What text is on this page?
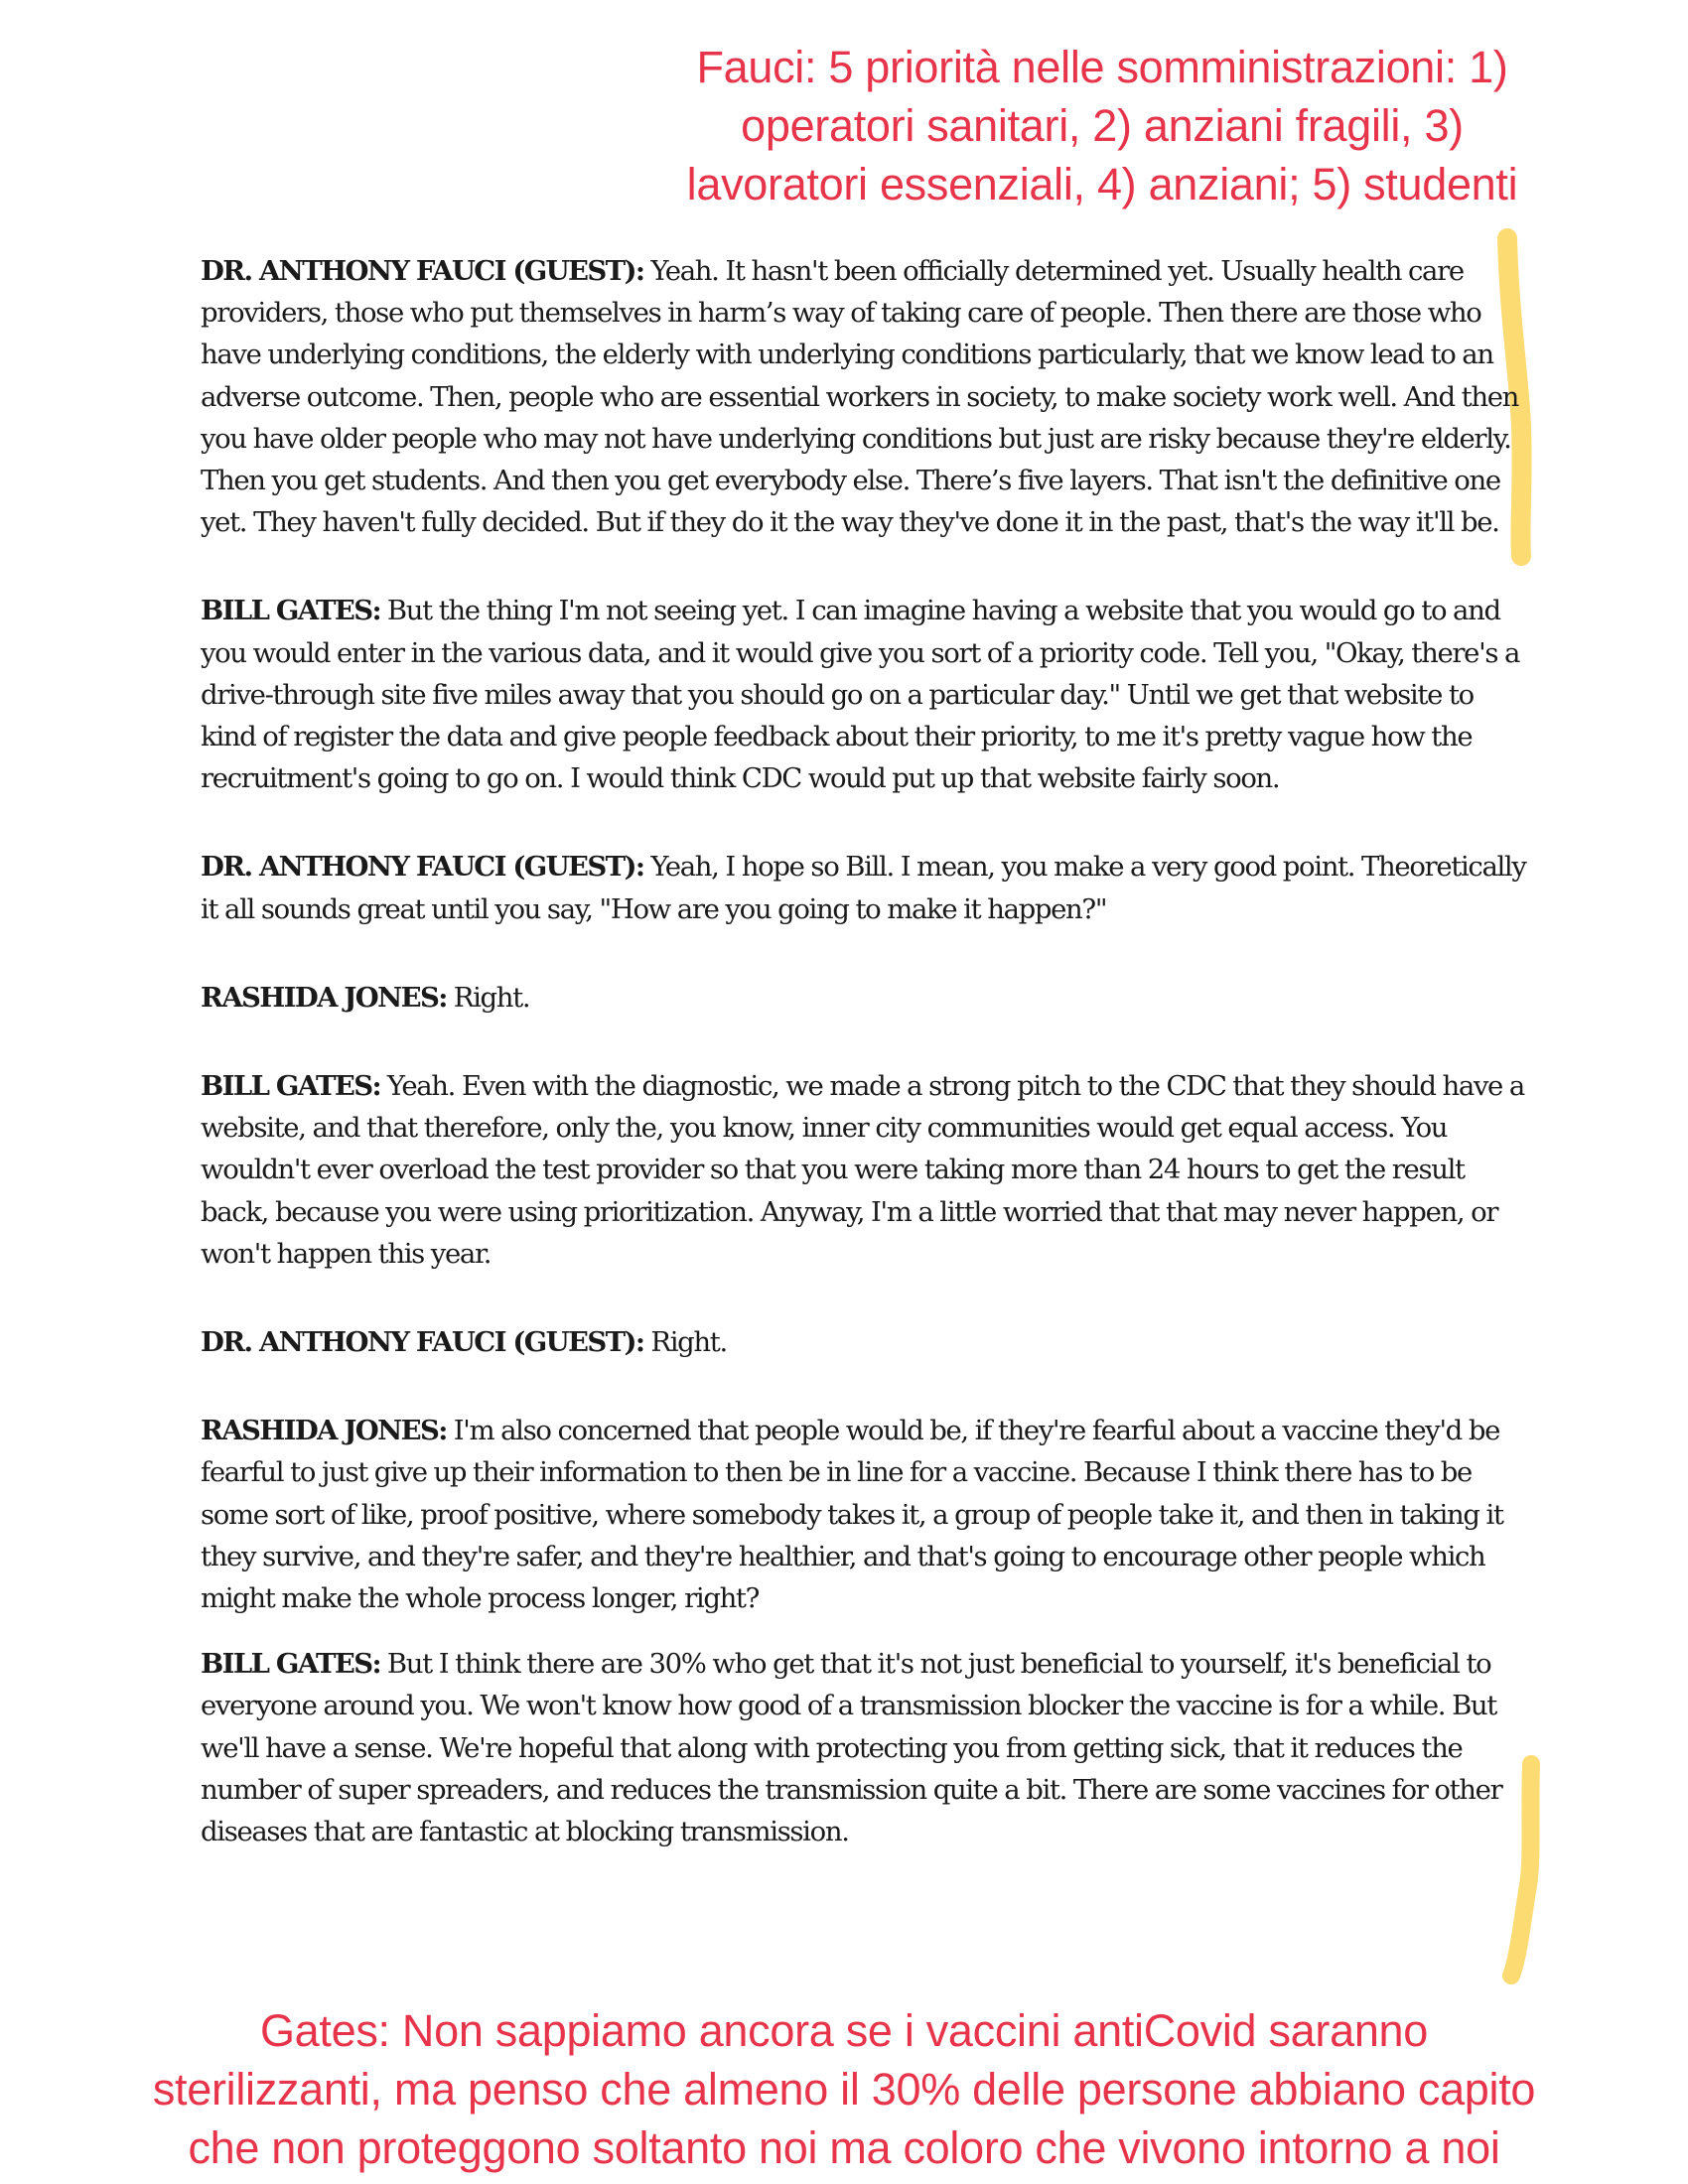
Fauci: 5 priorità nelle somministrazioni: 1)
operatori sanitari, 2) anziani fragili, 3)
lavoratori essenziali, 4) anziani; 5) studenti

DR. ANTHONY FAUCI (GUEST): Yeah. It hasn't been officially determined yet. Usually health care providers, those who put themselves in harm’s way of taking care of people. Then there are those who have underlying conditions, the elderly with underlying conditions particularly, that we know lead to an adverse outcome. Then, people who are essential workers in society, to make society work well. And then you have older people who may not have underlying conditions but just are risky because they're elderly. Then you get students. And then you get everybody else. There’s five layers. That isn't the definitive one yet. They haven't fully decided. But if they do it the way they've done it in the past, that's the way it'll be.

BILL GATES: But the thing I'm not seeing yet. I can imagine having a website that you would go to and you would enter in the various data, and it would give you sort of a priority code. Tell you, "Okay, there's a drive-through site five miles away that you should go on a particular day." Until we get that website to kind of register the data and give people feedback about their priority, to me it's pretty vague how the recruitment's going to go on. I would think CDC would put up that website fairly soon.

DR. ANTHONY FAUCI (GUEST): Yeah, I hope so Bill. I mean, you make a very good point. Theoretically it all sounds great until you say, "How are you going to make it happen?"

RASHIDA JONES: Right.

BILL GATES: Yeah. Even with the diagnostic, we made a strong pitch to the CDC that they should have a website, and that therefore, only the, you know, inner city communities would get equal access. You wouldn't ever overload the test provider so that you were taking more than 24 hours to get the result back, because you were using prioritization. Anyway, I'm a little worried that that may never happen, or won't happen this year.

DR. ANTHONY FAUCI (GUEST): Right.

RASHIDA JONES: I'm also concerned that people would be, if they're fearful about a vaccine they'd be fearful to just give up their information to then be in line for a vaccine. Because I think there has to be some sort of like, proof positive, where somebody takes it, a group of people take it, and then in taking it they survive, and they're safer, and they're healthier, and that's going to encourage other people which might make the whole process longer, right?

BILL GATES: But I think there are 30% who get that it's not just beneficial to yourself, it's beneficial to everyone around you. We won't know how good of a transmission blocker the vaccine is for a while. But we'll have a sense. We're hopeful that along with protecting you from getting sick, that it reduces the number of super spreaders, and reduces the transmission quite a bit. There are some vaccines for other diseases that are fantastic at blocking transmission.

Gates: Non sappiamo ancora se i vaccini antiCovid saranno
sterilizzanti, ma penso che almeno il 30% delle persone abbiano capito
che non proteggono soltanto noi ma coloro che vivono intorno a noi
